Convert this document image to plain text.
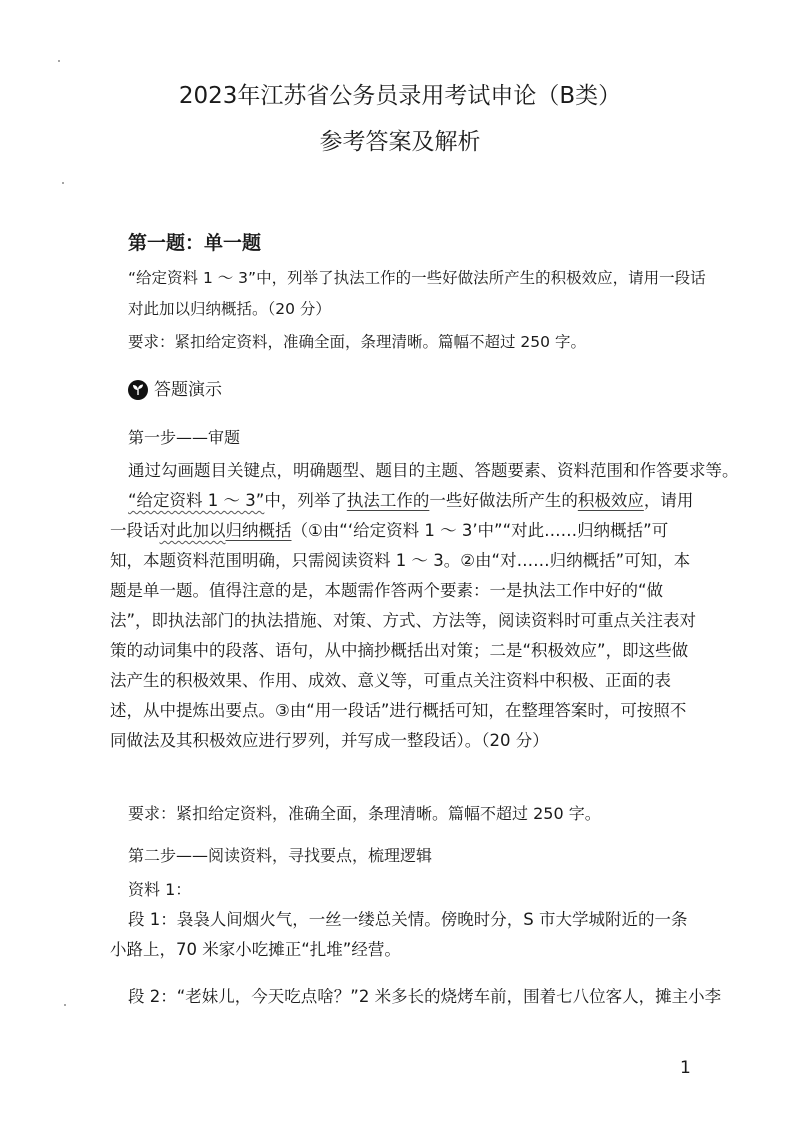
2023年江苏省公务员录用考试申论（B类）
参考答案及解析
第一题：单一题
“给定资料 1 ～ 3”中，列举了执法工作的一些好做法所产生的积极效应，请用一段话
对此加以归纳概括。（20 分）
要求：紧扣给定资料，准确全面，条理清晰。篇幅不超过 250 字。
答题演示
第一步——审题
通过勾画题目关键点，明确题型、题目的主题、答题要素、资料范围和作答要求等。
“给定资料 1 ～ 3”中，列举了执法工作的一些好做法所产生的积极效应，请用一段话对此加以归纳概括（①由“‘给定资料 1 ～ 3’中”“对此……归纳概括”可知，本题资料范围明确，只需阅读资料 1 ～ 3。②由“对……归纳概括”可知，本题是单一题。值得注意的是，本题需作答两个要素：一是执法工作中好的“做法”，即执法部门的执法措施、对策、方式、方法等，阅读资料时可重点关注表对策的动词集中的段落、语句，从中摘抄概括出对策；二是“积极效应”，即这些做法产生的积极效果、作用、成效、意义等，可重点关注资料中积极、正面的表述，从中提炼出要点。③由“用一段话”进行概括可知，在整理答案时，可按照不同做法及其积极效应进行罗列，并写成一整段话）。（20 分）
要求：紧扣给定资料，准确全面，条理清晰。篇幅不超过 250 字。
第二步——阅读资料，寻找要点，梳理逻辑
资料 1：
段 1：袅袅人间烟火气，一丝一缕总关情。傍晚时分，S 市大学城附近的一条小路上，70 米家小吃摊正“扎堆”经营。
段 2：“老妹儿，今天吃点啥？”2 米多长的烧烤车前，围着七八位客人，摊主小李
1
